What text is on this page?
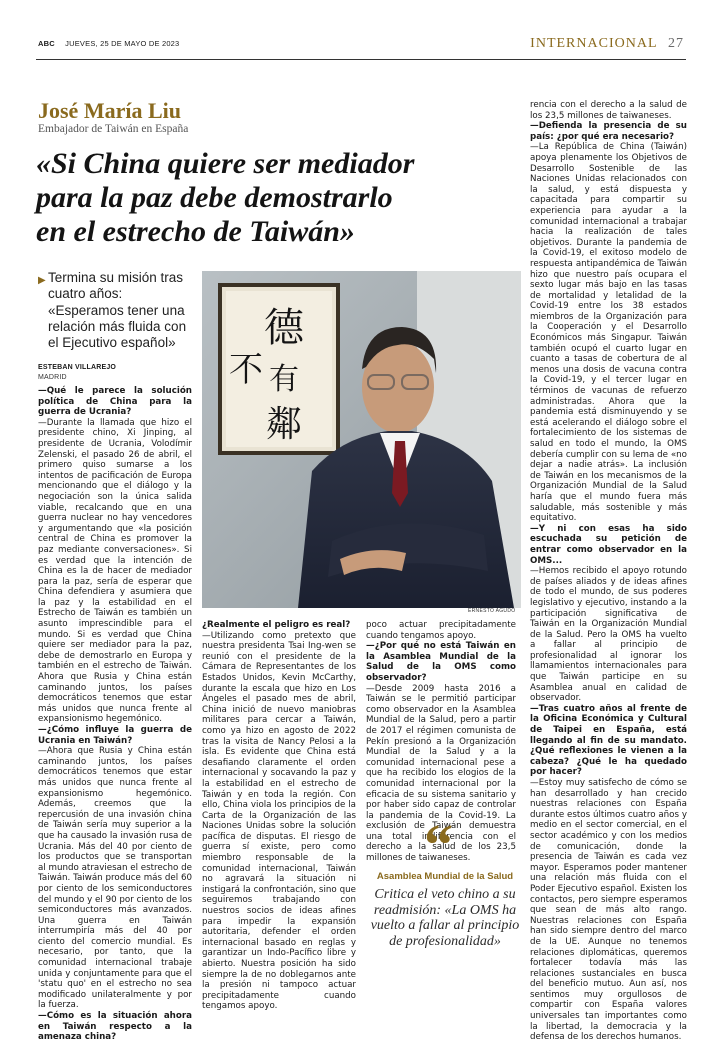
ABC JUEVES, 25 DE MAYO DE 2023	INTERNACIONAL 27
José María Liu
Embajador de Taiwán en España
«Si China quiere ser mediador
para la paz debe demostrarlo
en el estrecho de Taiwán»
▶ Termina su misión tras cuatro años: «Esperamos tener una relación más fluida con el Ejecutivo español»
ESTEBAN VILLAREJO
MADRID

—Qué le parece la solución política de China para la guerra de Ucrania?

—Durante la llamada que hizo el presidente chino, Xi Jinping, al presidente de Ucrania, Volodímir Zelenski, el pasado 26 de abril, el primero quiso sumarse a los intentos de pacificación de Europa mencionando que el diálogo y la negociación son la única salida viable, recalcando que en una guerra nuclear no hay vencedores y argumentando que «la posición central de China es promover la paz mediante conversaciones». Si es verdad que la intención de China es la de hacer de mediador para la paz, sería de esperar que China defendiera y asumiera que la paz y la estabilidad en el Estrecho de Taiwán es también un asunto imprescindible para el mundo. Si es verdad que China quiere ser mediador para la paz, debe de demostrarlo en Europa y también en el estrecho de Taiwán. Ahora que Rusia y China están caminando juntos, los países democráticos tenemos que estar más unidos que nunca frente al expansionismo hegemónico.

—¿Cómo influye la guerra de Ucrania en Taiwán?

—Ahora que Rusia y China están caminando juntos, los países democráticos tenemos que estar más unidos que nunca frente al expansionismo hegemónico. Además, creemos que la repercusión de una invasión china de Taiwán sería muy superior a la que ha causado la invasión rusa de Ucrania. Más del 40 por ciento de los productos que se transportan al mundo atraviesan el estrecho de Taiwán. Taiwán produce más del 60 por ciento de los semiconductores del mundo y el 90 por ciento de los semiconductores más avanzados. Una guerra en Taiwán interrumpiría más del 40 por ciento del comercio mundial. Es necesario, por tanto, que la comunidad internacional trabaje unida y conjuntamente para que el 'statu quo' en el estrecho no sea modificado unilateralmente y por la fuerza.

—Cómo es la situación ahora en Taiwán respecto a la amenaza china?

德
不 有
鄰
ERNESTO AGUDO

¿Realmente el peligro es real?

—Utilizando como pretexto que nuestra presidenta Tsai Ing-wen se reunió con el presidente de la Cámara de Representantes de los Estados Unidos, Kevin McCarthy, durante la escala que hizo en Los Ángeles el pasado mes de abril, China inició de nuevo maniobras militares para cercar a Taiwán, como ya hizo en agosto de 2022 tras la visita de Nancy Pelosi a la isla. Es evidente que China está desafiando claramente el orden internacional y socavando la paz y la estabilidad en el estrecho de Taiwán y en toda la región. Con ello, China viola los principios de la Carta de la Organización de las Naciones Unidas sobre la solución pacífica de disputas. El riesgo de guerra sí existe, pero como miembro responsable de la comunidad internacional, Taiwán no agravará la situación ni instigará la confrontación, sino que seguiremos trabajando con nuestros socios de ideas afines para impedir la expansión autoritaria, defender el orden internacional basado en reglas y garantizar un Indo-Pacífico libre y abierto. Nuestra posición ha sido siempre la de no doblegarnos ante la presión ni tampoco actuar precipitadamente cuando tengamos apoyo.

poco actuar precipitadamente cuando tengamos apoyo.

—¿Por qué no está Taiwán en la Asamblea Mundial de la Salud de la OMS como observador?

—Desde 2009 hasta 2016 a Taiwán se le permitió participar como observador en la Asamblea Mundial de la Salud, pero a partir de 2017 el régimen comunista de Pekín presionó a la Organización Mundial de la Salud y a la comunidad internacional pese a que ha recibido los elogios de la comunidad internacional por la eficacia de su sistema sanitario y por haber sido capaz de controlar la pandemia de la Covid-19. La exclusión de Taiwán demuestra una total indiferencia con el derecho a la salud de los 23,5 millones de taiwaneses.

rencia con el derecho a la salud de los 23,5 millones de taiwaneses.

—Defienda la presencia de su país: ¿por qué era necesario?

—La República de China (Taiwán) apoya plenamente los Objetivos de Desarrollo Sostenible de las Naciones Unidas relacionados con la salud, y está dispuesta y capacitada para compartir su experiencia para ayudar a la comunidad internacional a trabajar hacia la realización de tales objetivos. Durante la pandemia de la Covid-19, el exitoso modelo de respuesta antipandémica de Taiwán hizo que nuestro país ocupara el sexto lugar más bajo en las tasas de mortalidad y letalidad de la Covid-19 entre los 38 estados miembros de la Organización para la Cooperación y el Desarrollo Económicos más Singapur. Taiwán también ocupó el cuarto lugar en cuanto a tasas de cobertura de al menos una dosis de vacuna contra la Covid-19, y el tercer lugar en términos de vacunas de refuerzo administradas. Ahora que la pandemia está disminuyendo y se está acelerando el diálogo sobre el fortalecimiento de los sistemas de salud en todo el mundo, la OMS debería cumplir con su lema de «no dejar a nadie atrás». La inclusión de Taiwán en los mecanismos de la Organización Mundial de la Salud haría que el mundo fuera más saludable, más sostenible y más equitativo.

—Y ni con esas ha sido escuchada su petición de entrar como observador en la OMS...

—Hemos recibido el apoyo rotundo de países aliados y de ideas afines de todo el mundo, de sus poderes legislativo y ejecutivo, instando a la participación significativa de Taiwán en la Organización Mundial de la Salud. Pero la OMS ha vuelto a fallar al principio de profesionalidad al ignorar los llamamientos internacionales para que Taiwán participe en su Asamblea anual en calidad de observador.

—Tras cuatro años al frente de la Oficina Económica y Cultural de Taipei en España, está llegando al fin de su mandato. ¿Qué reflexiones le vienen a la cabeza? ¿Qué le ha quedado por hacer?

—Estoy muy satisfecho de cómo se han desarrollado y han crecido nuestras relaciones con España durante estos últimos cuatro años y medio en el sector comercial, en el sector académico y con los medios de comunicación, donde la presencia de Taiwán es cada vez mayor. Esperamos poder mantener una relación más fluida con el Poder Ejecutivo español. Existen los contactos, pero siempre esperamos que sean de más alto rango. Nuestras relaciones con España han sido siempre dentro del marco de la UE. Aunque no tenemos relaciones diplomáticas, queremos fortalecer todavía más las relaciones sustanciales en busca del beneficio mutuo. Aun así, nos sentimos muy orgullosos de compartir con España valores universales tan importantes como la libertad, la democracia y la defensa de los derechos humanos.

“
Asamblea Mundial de la Salud
Critica el veto chino a su readmisión: «La OMS ha vuelto a fallar al principio de profesionalidad»
